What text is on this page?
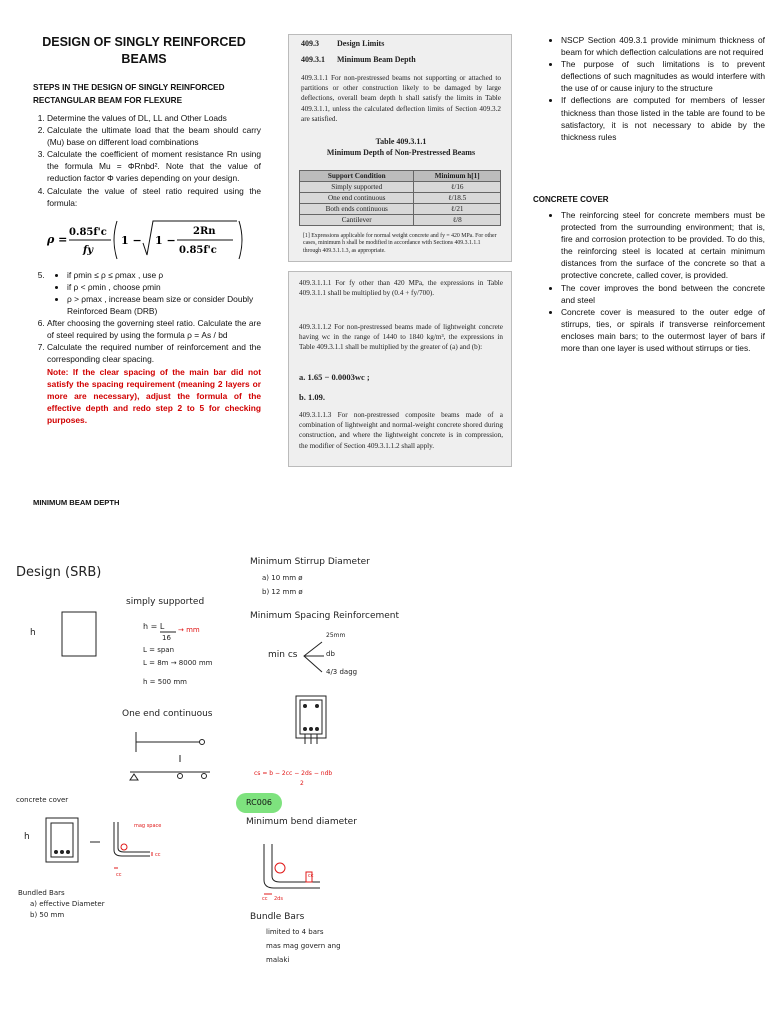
DESIGN OF SINGLY REINFORCED
BEAMS
STEPS IN THE DESIGN OF SINGLY REINFORCED RECTANGULAR BEAM FOR FLEXURE
1. Determine the values of DL, LL and Other Loads
2. Calculate the ultimate load that the beam should carry (Mu) base on different load combinations
3. Calculate the coefficient of moment resistance Rn using the formula Mu = ΦRnbd². Note that the value of reduction factor Φ varies depending on your design.
4. Calculate the value of steel ratio required using the formula:
ρ =
0.85f'c
fy
1 − 1 −
2Rn
0.85f'c
• 5. if ρmin ≤ ρ ≤ ρmax , use ρ
• if ρ < ρmin , choose ρmin
• ρ > ρmax , increase beam size or consider Doubly Reinforced Beam (DRB)
6. After choosing the governing steel ratio. Calculate the are of steel required by using the formula ρ = As / bd
7. Calculate the required number of reinforcement and the corresponding clear spacing.
Note: If the clear spacing of the main bar did not satisfy the spacing requirement (meaning 2 layers or more are necessary), adjust the formula of the effective depth and redo step 2 to 5 for checking purposes.
MINIMUM BEAM DEPTH
409.3 Design Limits
409.3.1 Minimum Beam Depth
409.3.1.1 For non-prestressed beams not supporting or attached to partitions or other construction likely to be damaged by large deflections, overall beam depth h shall satisfy the limits in Table 409.3.1.1, unless the calculated deflection limits of Section 409.3.2 are satisfied.
Table 409.3.1.1
Minimum Depth of Non-Prestressed Beams
Support Condition	Minimum h[1]
Simply supported	ℓ/16
One end continuous	ℓ/18.5
Both ends continuous	ℓ/21
Cantilever	ℓ/8
[1] Expressions applicable for normal weight concrete and fy = 420 MPa. For other cases, minimum h shall be modified in accordance with Sections 409.3.1.1.1 through 409.3.1.1.3, as appropriate.
409.3.1.1.1 For fy other than 420 MPa, the expressions in Table 409.3.1.1 shall be multiplied by (0.4 + fy/700).
409.3.1.1.2 For non-prestressed beams made of lightweight concrete having wc in the range of 1440 to 1840 kg/m³, the expressions in Table 409.3.1.1 shall be multiplied by the greater of (a) and (b):
a. 1.65 − 0.0003wc ;
b. 1.09.
409.3.1.1.3 For non-prestressed composite beams made of a combination of lightweight and normal-weight concrete shored during construction, and where the lightweight concrete is in compression, the modifier of Section 409.3.1.1.2 shall apply.
• NSCP Section 409.3.1 provide minimum thickness of beam for which deflection calculations are not required
• The purpose of such limitations is to prevent deflections of such magnitudes as would interfere with the use of or cause injury to the structure
• If deflections are computed for members of lesser thickness than those listed in the table are found to be satisfactory, it is not necessary to abide by the thickness rules
CONCRETE COVER
• The reinforcing steel for concrete members must be protected from the surrounding environment; that is, fire and corrosion protection to be provided. To do this, the reinforcing steel is located at certain minimum distances from the surface of the concrete so that a protective concrete, called cover, is provided.
• The cover improves the bond between the concrete and steel
• Concrete cover is measured to the outer edge of stirrups, ties, or spirals if transverse reinforcement encloses main bars; to the outermost layer of bars if more than one layer is used without stirrups or ties.
Design (SRB)
h
simply supported
h = L
16
→ mm
L = span
L = 8m → 8000 mm
h = 500 mm
One end continuous
concrete cover
h
mag space
cc
cc
Bundled Bars
a) effective Diameter
b) 50 mm
Minimum Stirrup Diameter
a) 10 mm ø
b) 12 mm ø
Minimum Spacing Reinforcement
min cs
25mm
db
4/3 dagg
cs = b − 2cc − 2ds − ndb
2
RC006
Minimum bend diameter
cc
cc 2ds
Bundle Bars
limited to 4 bars
mas mag govern ang
malaki
